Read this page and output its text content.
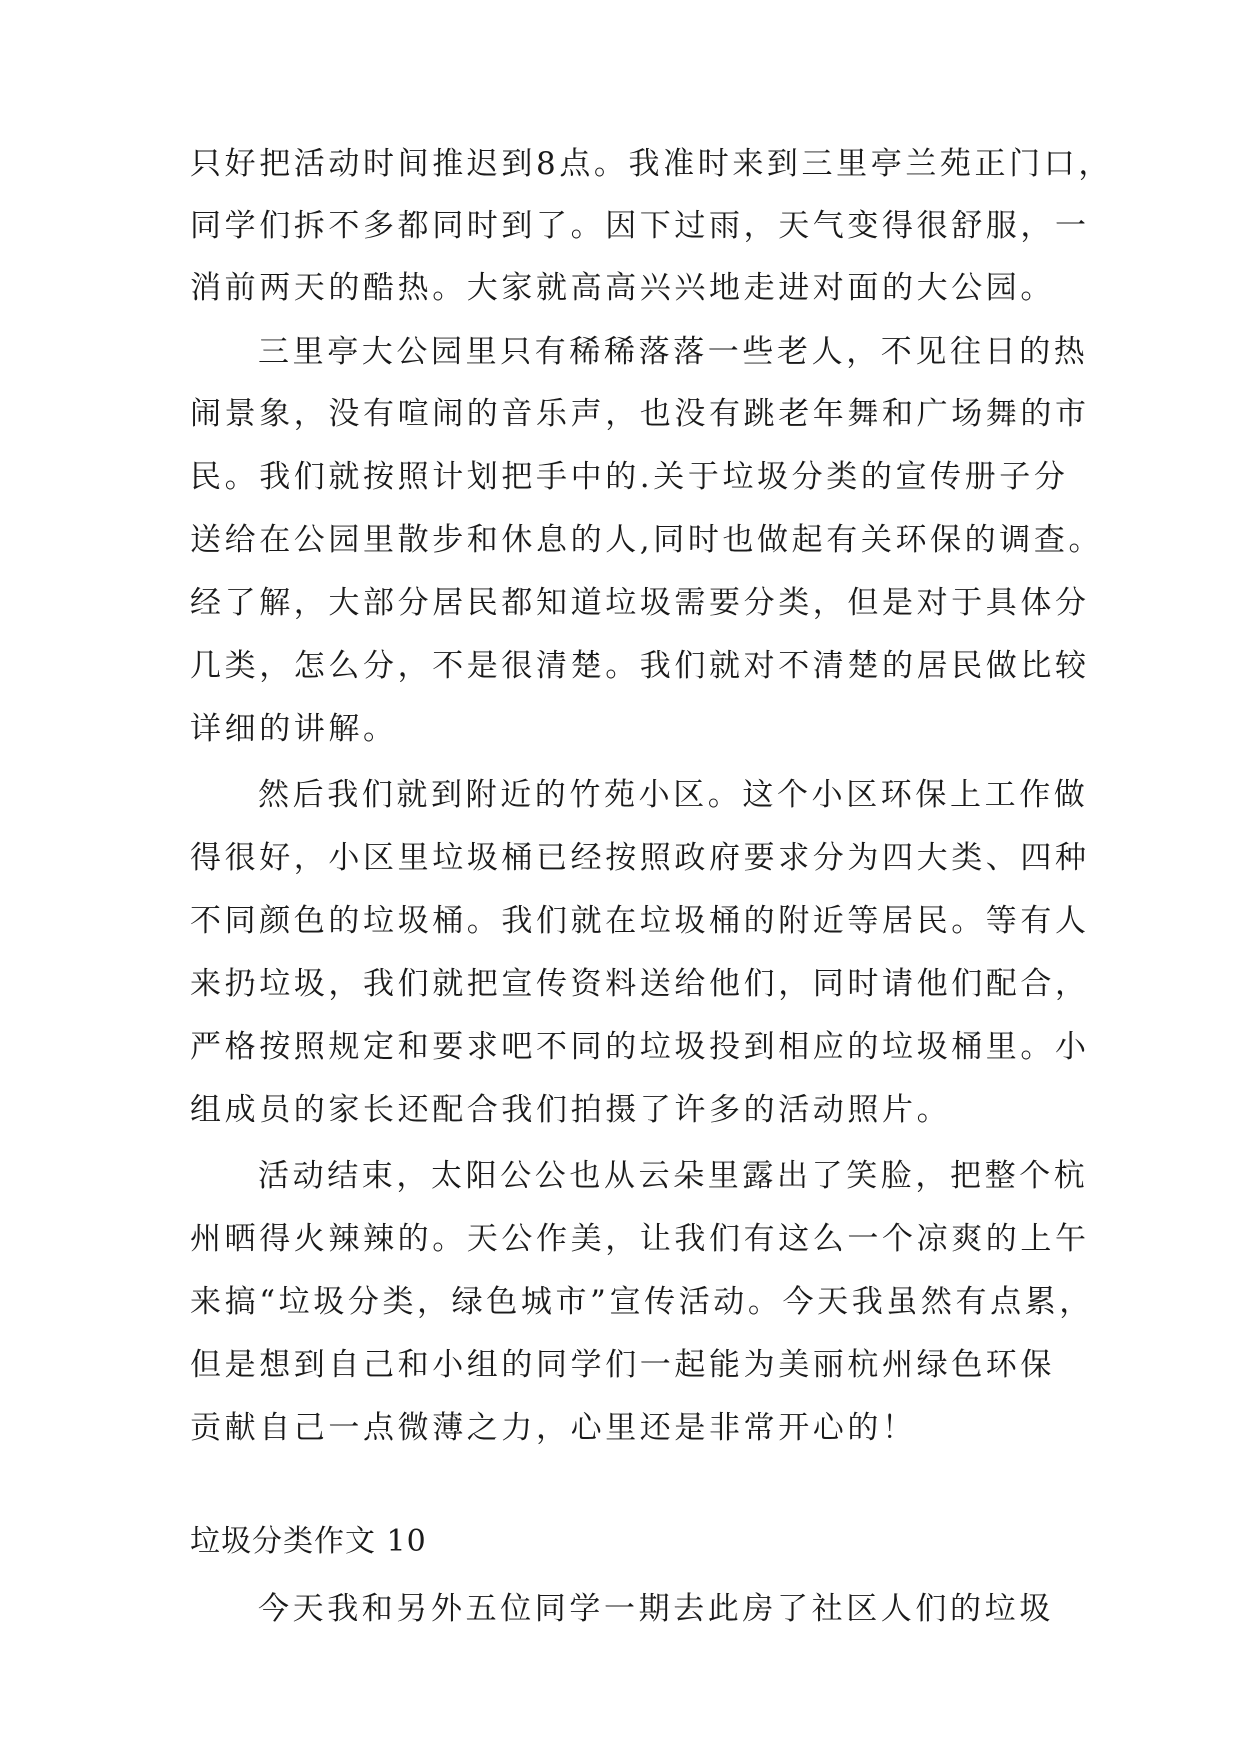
只好把活动时间推迟到8点。我准时来到三里亭兰苑正门口，
同学们拆不多都同时到了。因下过雨，天气变得很舒服，一
消前两天的酷热。大家就高高兴兴地走进对面的大公园。
三里亭大公园里只有稀稀落落一些老人，不见往日的热
闹景象，没有喧闹的音乐声，也没有跳老年舞和广场舞的市
民。我们就按照计划把手中的.关于垃圾分类的宣传册子分
送给在公园里散步和休息的人,同时也做起有关环保的调查。
经了解，大部分居民都知道垃圾需要分类，但是对于具体分
几类，怎么分，不是很清楚。我们就对不清楚的居民做比较
详细的讲解。
然后我们就到附近的竹苑小区。这个小区环保上工作做
得很好，小区里垃圾桶已经按照政府要求分为四大类、四种
不同颜色的垃圾桶。我们就在垃圾桶的附近等居民。等有人
来扔垃圾，我们就把宣传资料送给他们，同时请他们配合，
严格按照规定和要求吧不同的垃圾投到相应的垃圾桶里。小
组成员的家长还配合我们拍摄了许多的活动照片。
活动结束，太阳公公也从云朵里露出了笑脸，把整个杭
州晒得火辣辣的。天公作美，让我们有这么一个凉爽的上午
来搞“垃圾分类，绿色城市”宣传活动。今天我虽然有点累，
但是想到自己和小组的同学们一起能为美丽杭州绿色环保
贡献自己一点微薄之力，心里还是非常开心的！
垃圾分类作文 10
今天我和另外五位同学一期去此房了社区人们的垃圾
